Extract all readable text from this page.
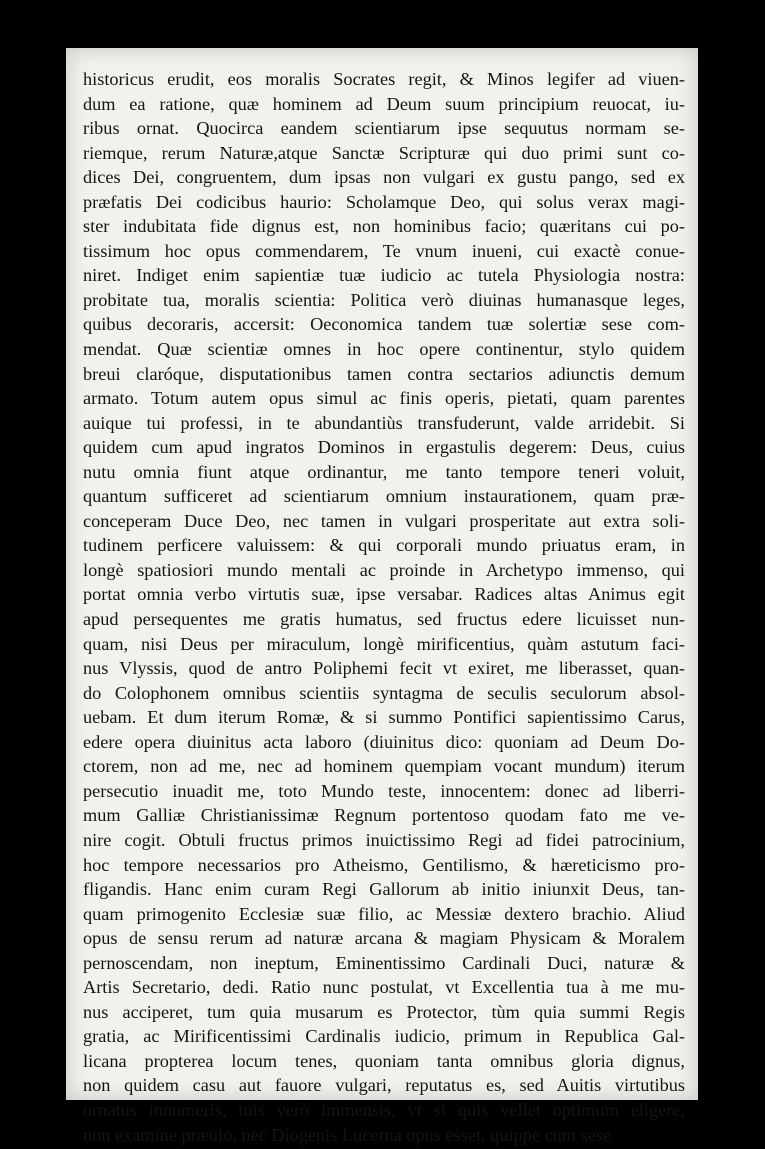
historicus erudit, eos moralis Socrates regit, & Minos legifer ad viuen-
dum ea ratione, quæ hominem ad Deum suum principium reuocat, iu-
ribus ornat. Quocirca eandem scientiarum ipse sequutus normam se-
riemque, rerum Naturæ,atque Sanctæ Scripturæ qui duo primi sunt co-
dices Dei, congruentem, dum ipsas non vulgari ex gustu pango, sed ex
præfatis Dei codicibus haurio: Scholamque Deo, qui solus verax magi-
ster indubitata fide dignus est, non hominibus facio; quæritans cui po-
tissimum hoc opus commendarem, Te vnum inueni, cui exactè conue-
niret. Indiget enim sapientiæ tuæ iudicio ac tutela Physiologia nostra:
probitate tua, moralis scientia: Politica verò diuinas humanasque leges,
quibus decoraris, accersit: Oeconomica tandem tuæ solertiæ sese com-
mendat. Quæ scientiæ omnes in hoc opere continentur, stylo quidem
breui claróque, disputationibus tamen contra sectarios adiunctis demum
armato. Totum autem opus simul ac finis operis, pietati, quam parentes
auique tui professi, in te abundantiùs transfuderunt, valde arridebit. Si
quidem cum apud ingratos Dominos in ergastulis degerem: Deus, cuius
nutu omnia fiunt atque ordinantur, me tanto tempore teneri voluit,
quantum sufficeret ad scientiarum omnium instaurationem, quam præ-
conceperam Duce Deo, nec tamen in vulgari prosperitate aut extra soli-
tudinem perficere valuissem: & qui corporali mundo priuatus eram, in
longè spatiosiori mundo mentali ac proinde in Archetypo immenso, qui
portat omnia verbo virtutis suæ, ipse versabar. Radices altas Animus egit
apud persequentes me gratis humatus, sed fructus edere licuisset nun-
quam, nisi Deus per miraculum, longè mirificentius, quàm astutum faci-
nus Vlyssis, quod de antro Poliphemi fecit vt exiret, me liberasset, quan-
do Colophonem omnibus scientiis syntagma de seculis seculorum absol-
uebam. Et dum iterum Romæ, & si summo Pontifici sapientissimo Carus,
edere opera diuinitus acta laboro (diuinitus dico: quoniam ad Deum Do-
ctorem, non ad me, nec ad hominem quempiam vocant mundum) iterum
persecutio inuadit me, toto Mundo teste, innocentem: donec ad liberri-
mum Galliæ Christianissimæ Regnum portentoso quodam fato me ve-
nire cogit. Obtuli fructus primos inuictissimo Regi ad fidei patrocinium,
hoc tempore necessarios pro Atheismo, Gentilismo, & hæreticismo pro-
fligandis. Hanc enim curam Regi Gallorum ab initio iniunxit Deus, tan-
quam primogenito Ecclesiæ suæ filio, ac Messiæ dextero brachio. Aliud
opus de sensu rerum ad naturæ arcana & magiam Physicam & Moralem
pernoscendam, non ineptum, Eminentissimo Cardinali Duci, naturæ &
Artis Secretario, dedi. Ratio nunc postulat, vt Excellentia tua à me mu-
nus acciperet, tum quia musarum es Protector, tùm quia summi Regis
gratia, ac Mirificentissimi Cardinalis iudicio, primum in Republica Gal-
licana propterea locum tenes, quoniam tanta omnibus gloria dignus,
non quidem casu aut fauore vulgari, reputatus es, sed Auitis virtutibus
ornatus innumeris, tuis verò immensis, vt si quis vellet optimum eligere,
non examine præuio, nec Diogenis Lucerna opus esset, quippe cum sese
